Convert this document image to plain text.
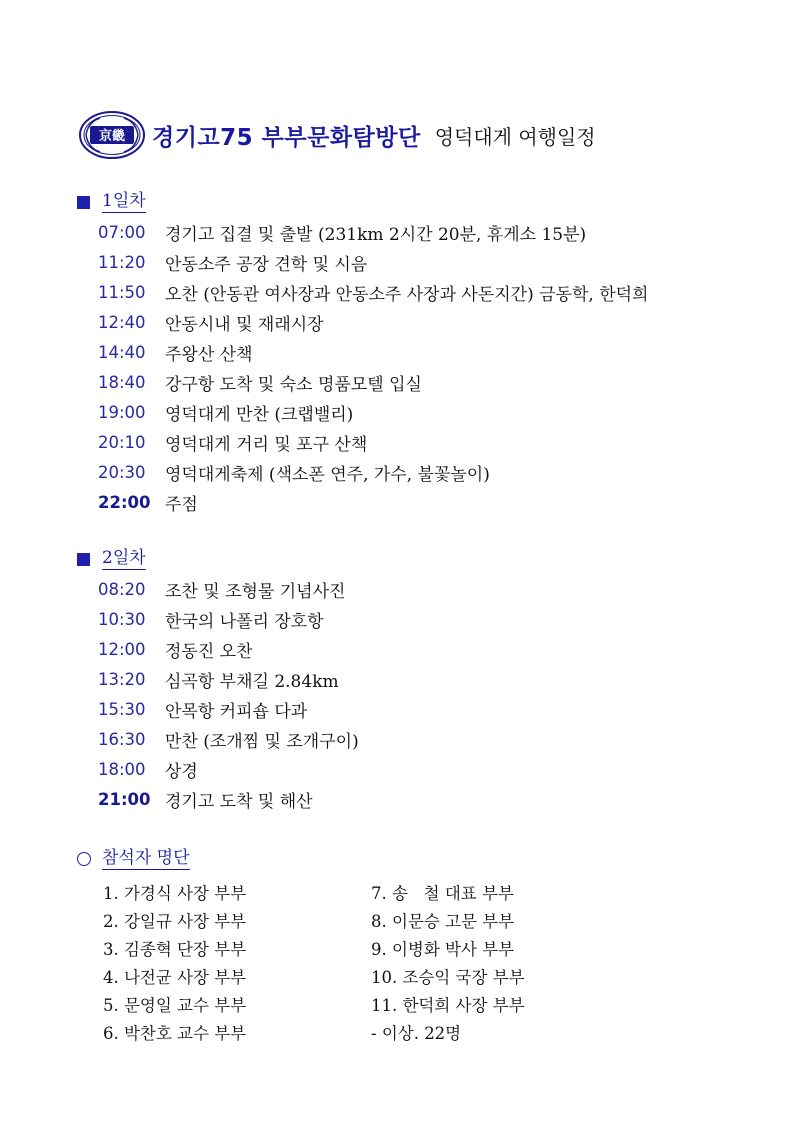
京畿 경기고75 부부문화탐방단 영덕대게 여행일정
1일차
07:00 경기고 집결 및 출발 (231km 2시간 20분, 휴게소 15분)
11:20 안동소주 공장 견학 및 시음
11:50 오찬 (안동관 여사장과 안동소주 사장과 사돈지간) 금동학, 한덕희
12:40 안동시내 및 재래시장
14:40 주왕산 산책
18:40 강구항 도착 및 숙소 명품모텔 입실
19:00 영덕대게 만찬 (크랩밸리)
20:10 영덕대게 거리 및 포구 산책
20:30 영덕대게축제 (색소폰 연주, 가수, 불꽃놀이)
22:00 주점
2일차
08:20 조찬 및 조형물 기념사진
10:30 한국의 나폴리 장호항
12:00 정동진 오찬
13:20 심곡항 부채길 2.84km
15:30 안목항 커피숍 다과
16:30 만찬 (조개찜 및 조개구이)
18:00 상경
21:00 경기고 도착 및 해산
참석자 명단
1. 가경식 사장 부부	7. 송   철 대표 부부
2. 강일규 사장 부부	8. 이문승 고문 부부
3. 김종혁 단장 부부	9. 이병화 박사 부부
4. 나전균 사장 부부	10. 조승익 국장 부부
5. 문영일 교수 부부	11. 한덕희 사장 부부
6. 박찬호 교수 부부	- 이상. 22명
